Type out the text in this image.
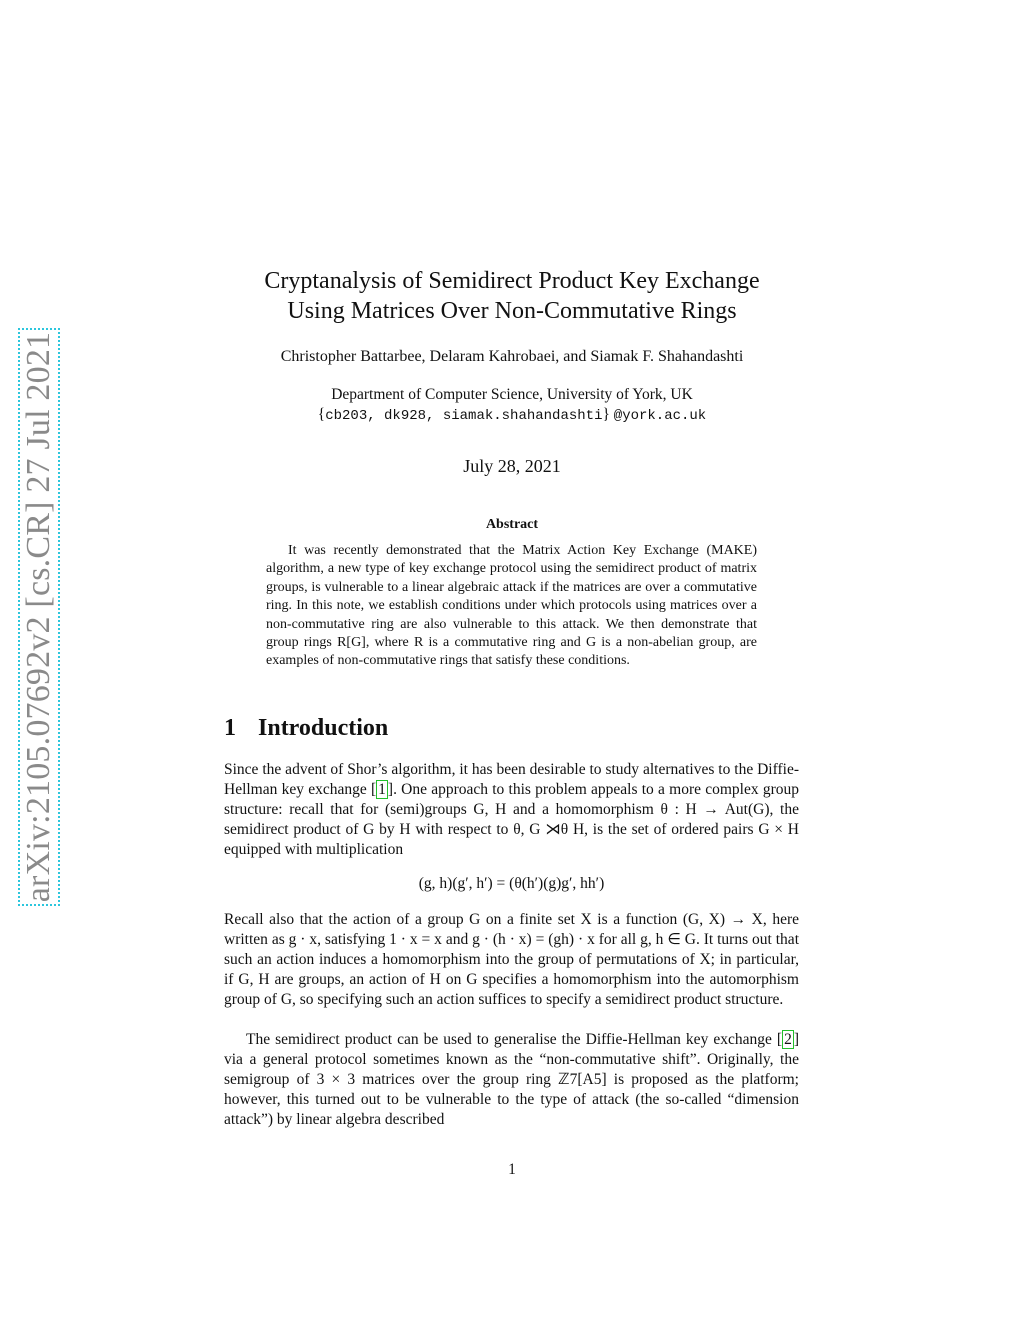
arXiv:2105.07692v2 [cs.CR] 27 Jul 2021
Cryptanalysis of Semidirect Product Key Exchange
Using Matrices Over Non-Commutative Rings
Christopher Battarbee, Delaram Kahrobaei, and Siamak F. Shahandashti
Department of Computer Science, University of York, UK
{cb203, dk928, siamak.shahandashti} @york.ac.uk
July 28, 2021
Abstract
It was recently demonstrated that the Matrix Action Key Exchange (MAKE) algorithm, a new type of key exchange protocol using the semidirect product of matrix groups, is vulnerable to a linear algebraic attack if the matrices are over a commutative ring. In this note, we establish conditions under which protocols using matrices over a non-commutative ring are also vulnerable to this attack. We then demonstrate that group rings R[G], where R is a commutative ring and G is a non-abelian group, are examples of non-commutative rings that satisfy these conditions.
1 Introduction
Since the advent of Shor’s algorithm, it has been desirable to study alternatives to the Diffie-Hellman key exchange [ 1 ]. One approach to this problem appeals to a more complex group structure: recall that for (semi)groups G, H and a homomorphism θ : H → Aut(G), the semidirect product of G by H with respect to θ, G ⋊θ H, is the set of ordered pairs G × H equipped with multiplication
(g, h)(g′, h′) = (θ(h′)(g)g′, hh′)
Recall also that the action of a group G on a finite set X is a function (G, X) → X, here written as g · x, satisfying 1 · x = x and g · (h · x) = (gh) · x for all g, h ∈ G. It turns out that such an action induces a homomorphism into the group of permutations of X; in particular, if G, H are groups, an action of H on G specifies a homomorphism into the automorphism group of G, so specifying such an action suffices to specify a semidirect product structure.
The semidirect product can be used to generalise the Diffie-Hellman key exchange [ 2 ] via a general protocol sometimes known as the “non-commutative shift”. Originally, the semigroup of 3 × 3 matrices over the group ring ℤ7[A5] is proposed as the platform; however, this turned out to be vulnerable to the type of attack (the so-called “dimension attack”) by linear algebra described
1
